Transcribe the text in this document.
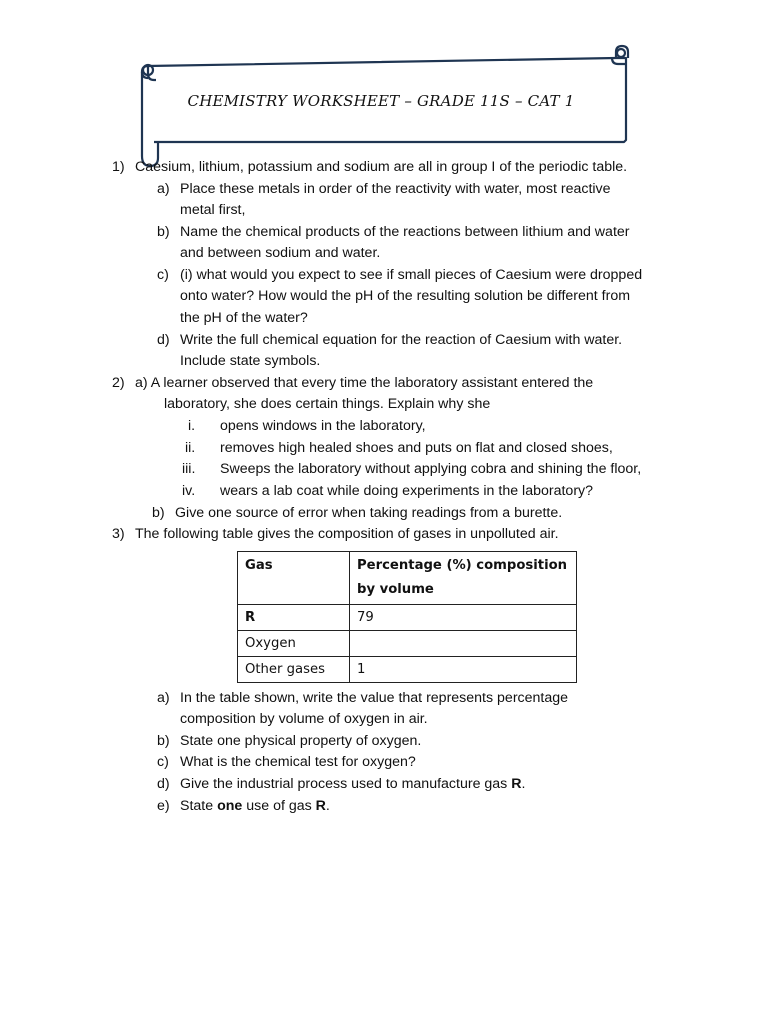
CHEMISTRY WORKSHEET – GRADE 11S – CAT 1
1) Caesium, lithium, potassium and sodium are all in group I of the periodic table.
a) Place these metals in order of the reactivity with water, most reactive
metal first,
b) Name the chemical products of the reactions between lithium and water
and between sodium and water.
c) (i) what would you expect to see if small pieces of Caesium were dropped
onto water? How would the pH of the resulting solution be different from
the pH of the water?
d) Write the full chemical equation for the reaction of Caesium with water.
Include state symbols.
2) a) A learner observed that every time the laboratory assistant entered the
laboratory, she does certain things. Explain why she
i. opens windows in the laboratory,
ii. removes high healed shoes and puts on flat and closed shoes,
iii. Sweeps the laboratory without applying cobra and shining the floor,
iv. wears a lab coat while doing experiments in the laboratory?
b) Give one source of error when taking readings from a burette.
3) The following table gives the composition of gases in unpolluted air.
Gas	Percentage (%) composition by volume
R	79
Oxygen	
Other gases	1
a) In the table shown, write the value that represents percentage
composition by volume of oxygen in air.
b) State one physical property of oxygen.
c) What is the chemical test for oxygen?
d) Give the industrial process used to manufacture gas R.
e) State one use of gas R.
